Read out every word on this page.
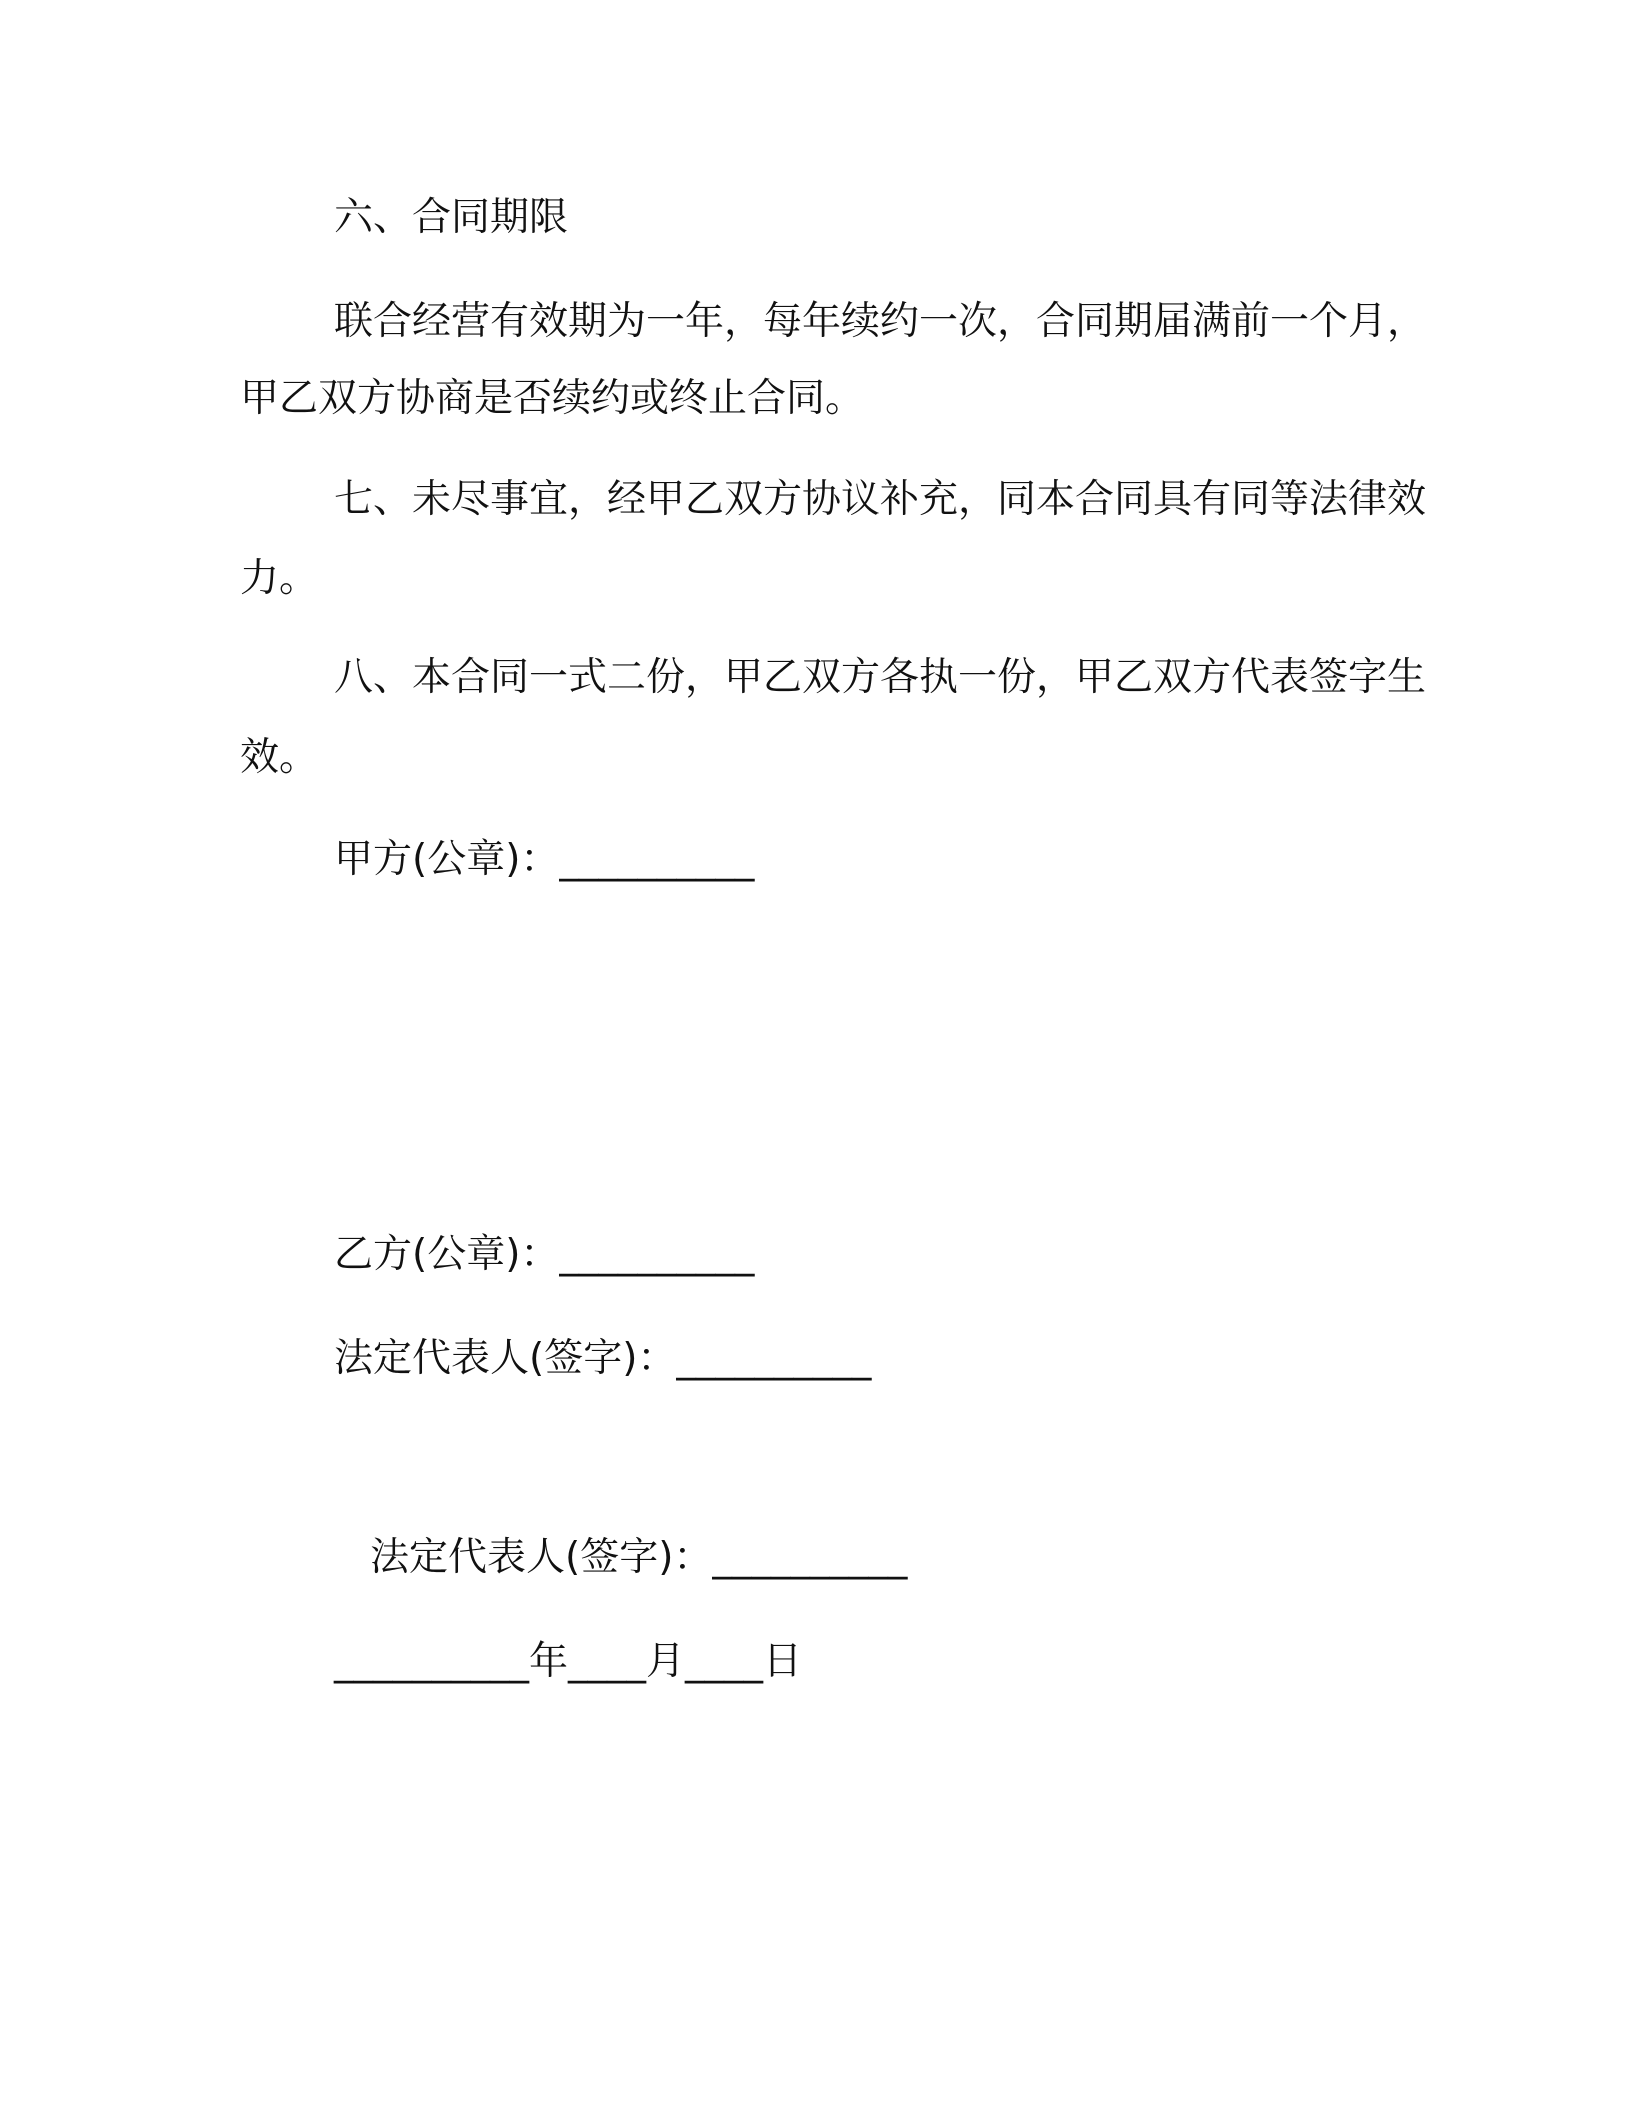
六、合同期限
联合经营有效期为一年，每年续约一次，合同期届满前一个月，
甲乙双方协商是否续约或终止合同。
七、未尽事宜，经甲乙双方协议补充，同本合同具有同等法律效
力。
八、本合同一式二份，甲乙双方各执一份，甲乙双方代表签字生
效。
甲方(公章)：__________
乙方(公章)：__________
法定代表人(签字)：__________
法定代表人(签字)：__________
__________年____月____日
